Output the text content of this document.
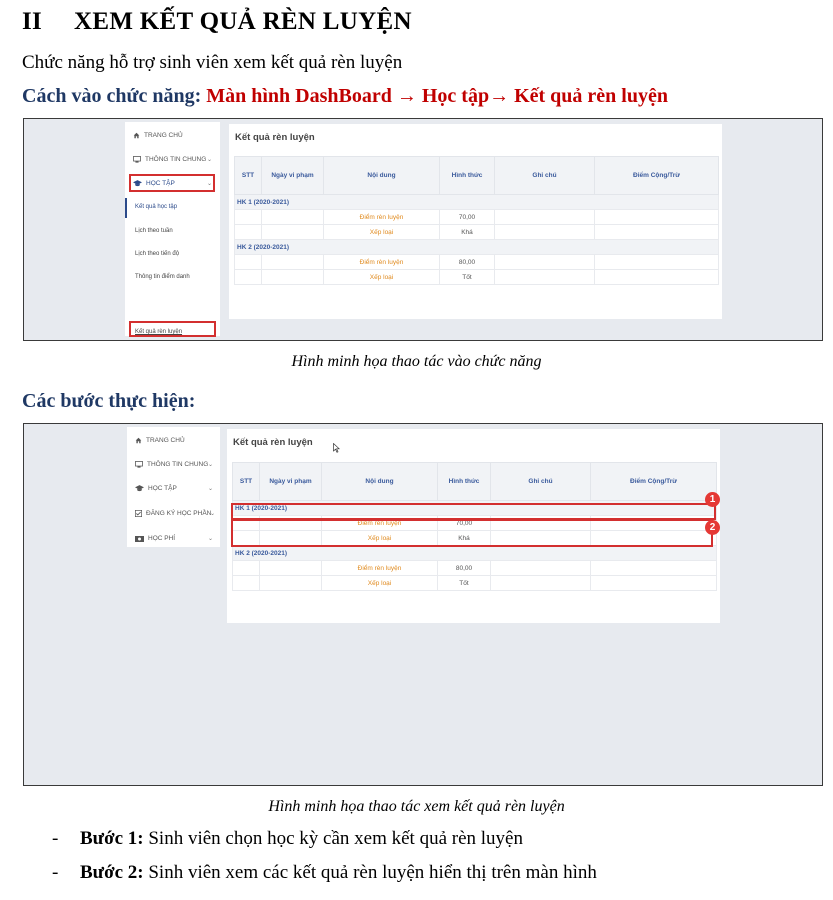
II XEM KẾT QUẢ RÈN LUYỆN
Chức năng hỗ trợ sinh viên xem kết quả rèn luyện
Cách vào chức năng: Màn hình DashBoard → Học tập→ Kết quả rèn luyện
TRANG CHỦ
THÔNG TIN CHUNG ⌄
HỌC TẬP	⌄
Kết quả học tập
Lịch theo tuần
Lịch theo tiến độ
Thông tin điểm danh
Kết quả rèn luyện
Kết quả rèn luyện
STT	Ngày vi phạm	Nội dung	Hình thức	Ghi chú	Điểm Cộng/Trừ
HK 1 (2020-2021)					
		Điểm rèn luyện	70,00		
		Xếp loại	Khá		
HK 2 (2020-2021)					
		Điểm rèn luyện	80,00		
		Xếp loại	Tốt		
Hình minh họa thao tác vào chức năng
Các bước thực hiện:
TRANG CHỦ
THÔNG TIN CHUNG ⌄
HỌC TẬP	⌄
ĐĂNG KÝ HỌC PHẦN
⌄
HỌC PHÍ	⌄
Kết quả rèn luyện
STT	Ngày vi phạm	Nội dung	Hình thức	Ghi chú	Điểm Cộng/Trừ
HK 1 (2020-2021)					
		Điểm rèn luyện	70,00		
		Xếp loại	Khá		
HK 2 (2020-2021)					
		Điểm rèn luyện	80,00		
		Xếp loại	Tốt		
1
2
Hình minh họa thao tác xem kết quả rèn luyện
- Bước 1: Sinh viên chọn học kỳ cần xem kết quả rèn luyện
- Bước 2: Sinh viên xem các kết quả rèn luyện hiển thị trên màn hình
